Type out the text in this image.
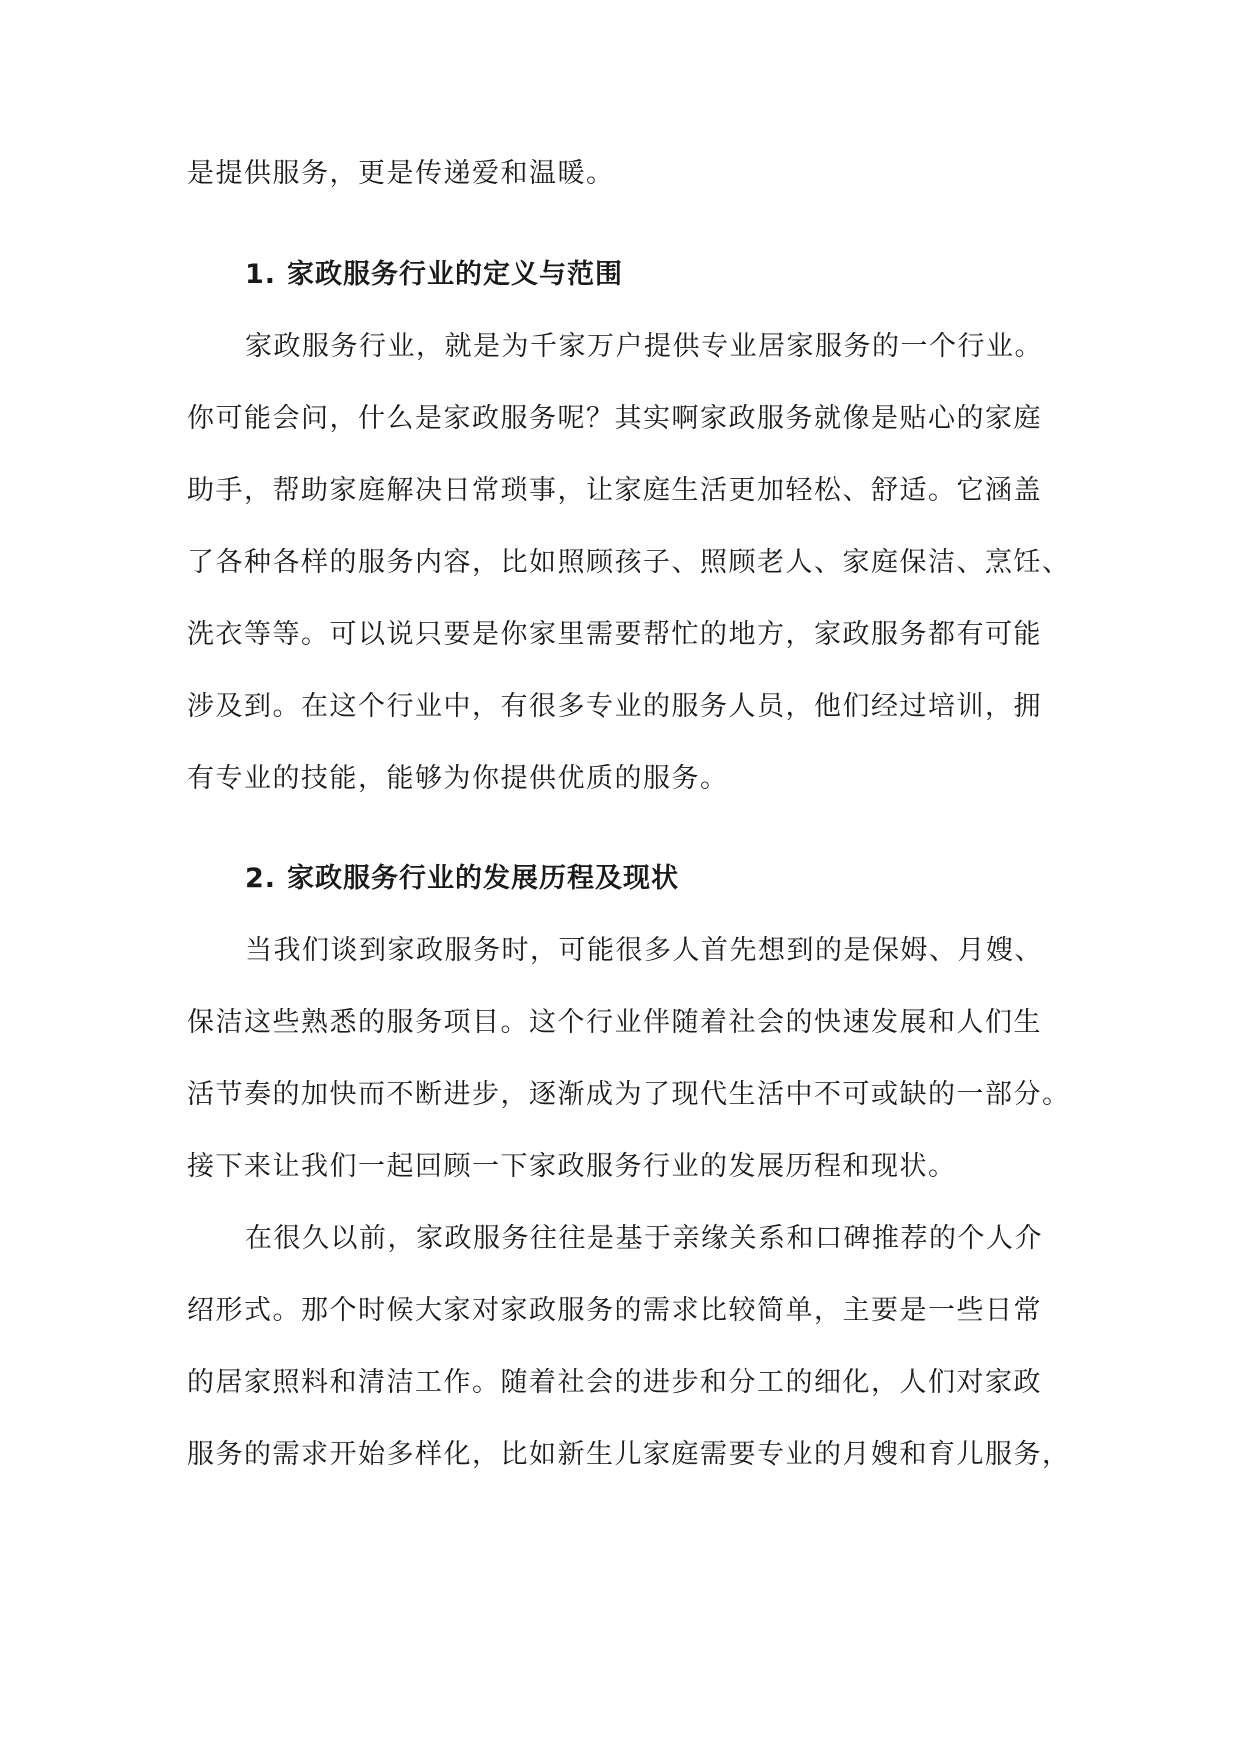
是提供服务，更是传递爱和温暖。
1. 家政服务行业的定义与范围
家政服务行业，就是为千家万户提供专业居家服务的一个行业。
你可能会问，什么是家政服务呢？其实啊家政服务就像是贴心的家庭
助手，帮助家庭解决日常琐事，让家庭生活更加轻松、舒适。它涵盖
了各种各样的服务内容，比如照顾孩子、照顾老人、家庭保洁、烹饪、
洗衣等等。可以说只要是你家里需要帮忙的地方，家政服务都有可能
涉及到。在这个行业中，有很多专业的服务人员，他们经过培训，拥
有专业的技能，能够为你提供优质的服务。
2. 家政服务行业的发展历程及现状
当我们谈到家政服务时，可能很多人首先想到的是保姆、月嫂、
保洁这些熟悉的服务项目。这个行业伴随着社会的快速发展和人们生
活节奏的加快而不断进步，逐渐成为了现代生活中不可或缺的一部分。
接下来让我们一起回顾一下家政服务行业的发展历程和现状。
在很久以前，家政服务往往是基于亲缘关系和口碑推荐的个人介
绍形式。那个时候大家对家政服务的需求比较简单，主要是一些日常
的居家照料和清洁工作。随着社会的进步和分工的细化，人们对家政
服务的需求开始多样化，比如新生儿家庭需要专业的月嫂和育儿服务，
